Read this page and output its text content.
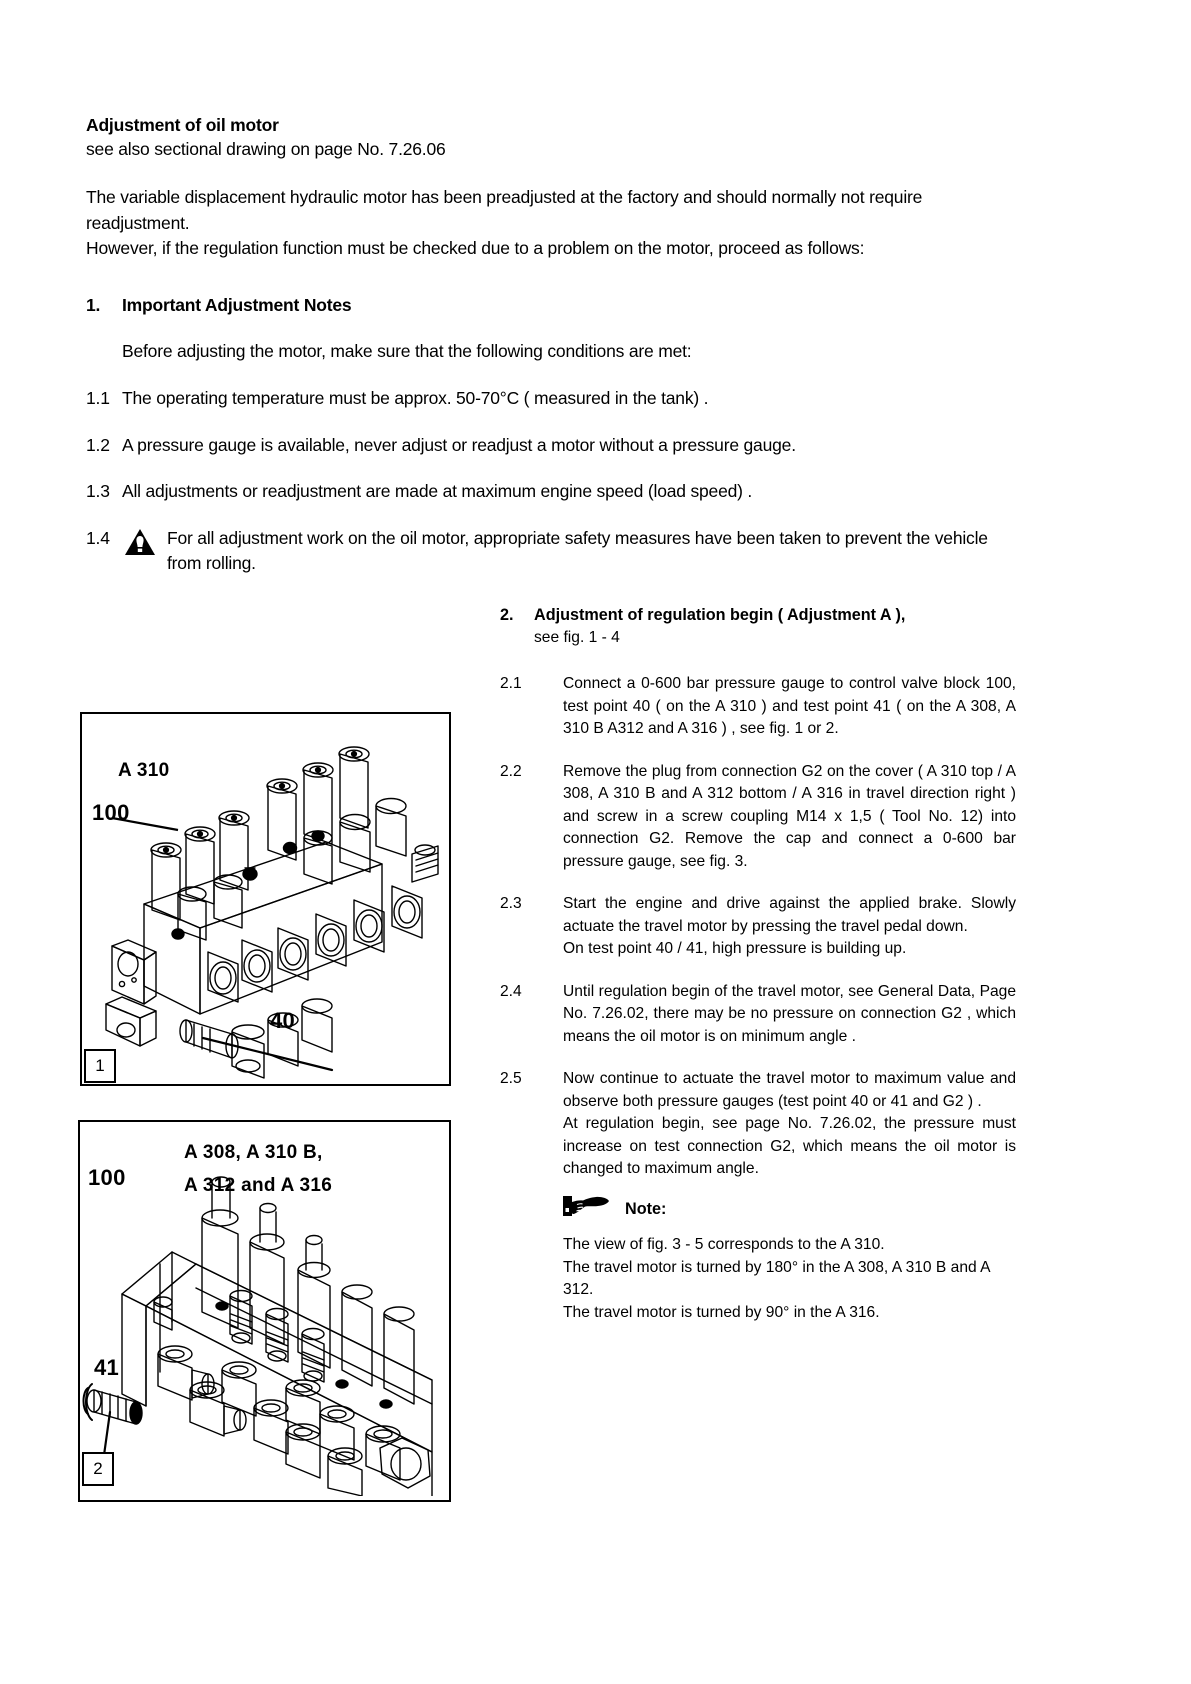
Adjustment of oil motor
see also sectional drawing on page No. 7.26.06
The variable displacement hydraulic motor has been preadjusted at the factory and should normally not require readjustment.
However, if the regulation function must be checked due to a problem on the motor, proceed as follows:
1.	Important Adjustment Notes
Before adjusting the motor, make sure that the following conditions are met:
1.1 The operating temperature must be approx. 50-70°C ( measured in the tank) .
1.2 A pressure gauge is available, never adjust or readjust a motor without a pressure gauge.
1.3 All adjustments or readjustment are made at maximum engine speed (load speed) .
1.4	For all adjustment work on the oil motor, appropriate safety measures have been taken to prevent the vehicle from rolling.
2.	Adjustment of regulation begin ( Adjustment A ),
see fig. 1 - 4
2.1	Connect a 0-600 bar pressure gauge to control valve block 100, test point 40 ( on the A 310 ) and test point 41 ( on the A 308, A 310 B A312 and A 316 ) , see fig. 1 or 2.

2.2	Remove the plug from connection G2 on the cover ( A 310 top / A 308, A 310 B and A 312 bottom / A 316 in travel direction right ) and screw in a screw coupling M14 x 1,5 ( Tool No. 12) into connection G2. Remove the cap and connect a 0-600 bar pressure gauge, see fig. 3.

2.3	Start the engine and drive against the applied brake. Slowly actuate the travel motor by pressing the travel pedal down.

On test point 40 / 41, high pressure is building up.

2.4	Until regulation begin of the travel motor, see General Data, Page No. 7.26.02, there may be no pressure on connection G2 , which means the oil motor is on minimum angle .

2.5	Now continue to actuate the travel motor to maximum value and observe both pressure gauges (test point 40 or 41 and G2 ) .

At regulation begin, see page No. 7.26.02, the pressure must increase on test connection G2, which means the oil motor is changed to maximum angle.

Note:

The view of fig. 3 - 5 corresponds to the A 310.

The travel motor is turned by 180° in the A 308, A 310 B and A 312.

The travel motor is turned by 90° in the A 316.

A 310
100
40
1
100
A 308, A 310 B,
A 312 and A 316
41
2
